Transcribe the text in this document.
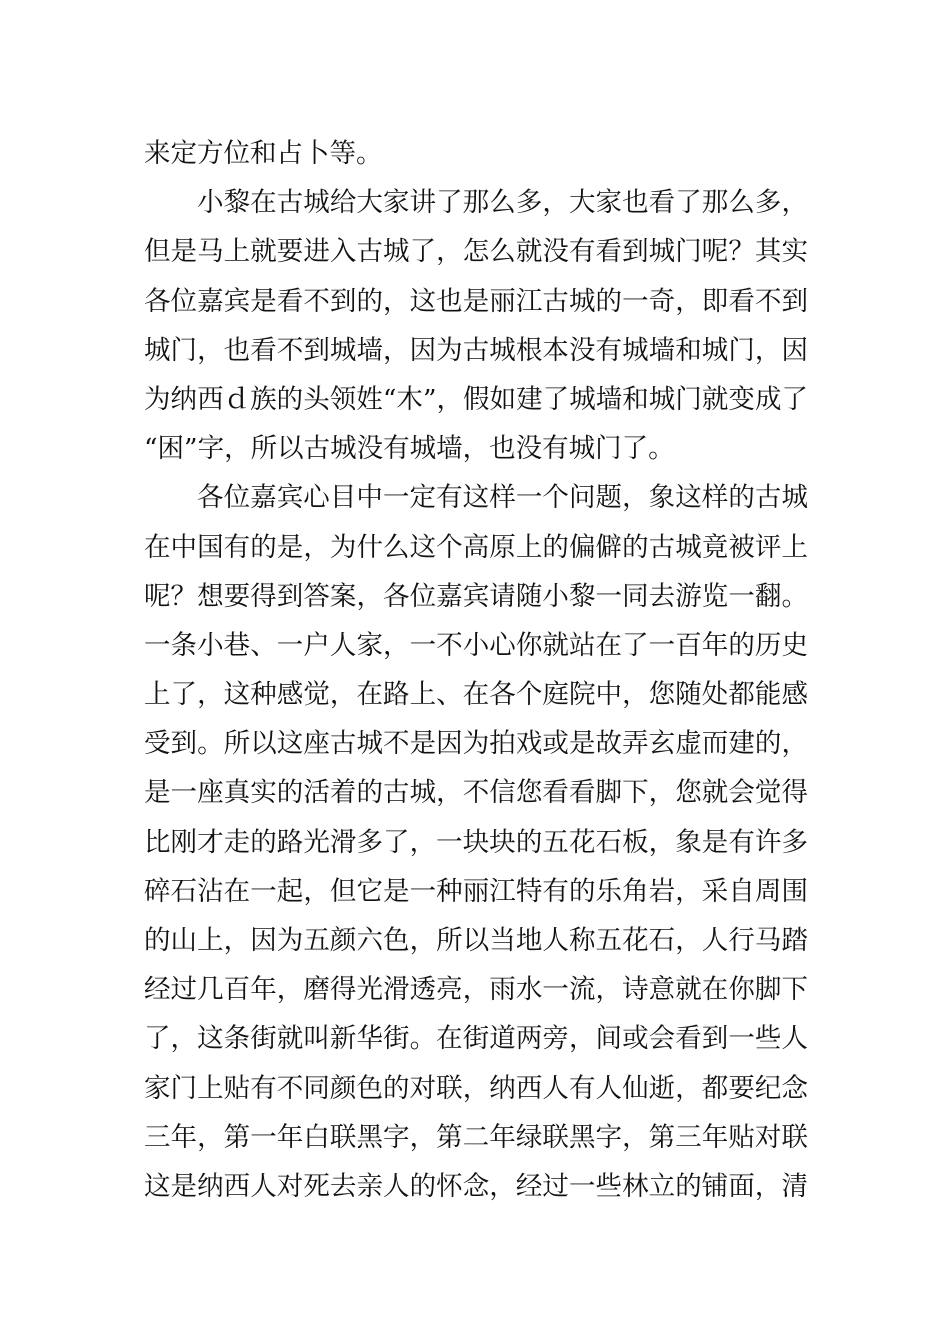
来定方位和占卜等。
小黎在古城给大家讲了那么多，大家也看了那么多，
但是马上就要进入古城了，怎么就没有看到城门呢？其实
各位嘉宾是看不到的，这也是丽江古城的一奇，即看不到
城门，也看不到城墙，因为古城根本没有城墙和城门，因
为纳西ｄ族的头领姓“木”，假如建了城墙和城门就变成了
“困”字，所以古城没有城墙，也没有城门了。
各位嘉宾心目中一定有这样一个问题，象这样的古城
在中国有的是，为什么这个高原上的偏僻的古城竟被评上
呢？想要得到答案，各位嘉宾请随小黎一同去游览一翻。
一条小巷、一户人家，一不小心你就站在了一百年的历史
上了，这种感觉，在路上、在各个庭院中，您随处都能感
受到。所以这座古城不是因为拍戏或是故弄玄虚而建的，
是一座真实的活着的古城，不信您看看脚下，您就会觉得
比刚才走的路光滑多了，一块块的五花石板，象是有许多
碎石沾在一起，但它是一种丽江特有的乐角岩，采自周围
的山上，因为五颜六色，所以当地人称五花石，人行马踏
经过几百年，磨得光滑透亮，雨水一流，诗意就在你脚下
了，这条街就叫新华街。在街道两旁，间或会看到一些人
家门上贴有不同颜色的对联，纳西人有人仙逝，都要纪念
三年，第一年白联黑字，第二年绿联黑字，第三年贴对联
这是纳西人对死去亲人的怀念，经过一些林立的铺面，清
